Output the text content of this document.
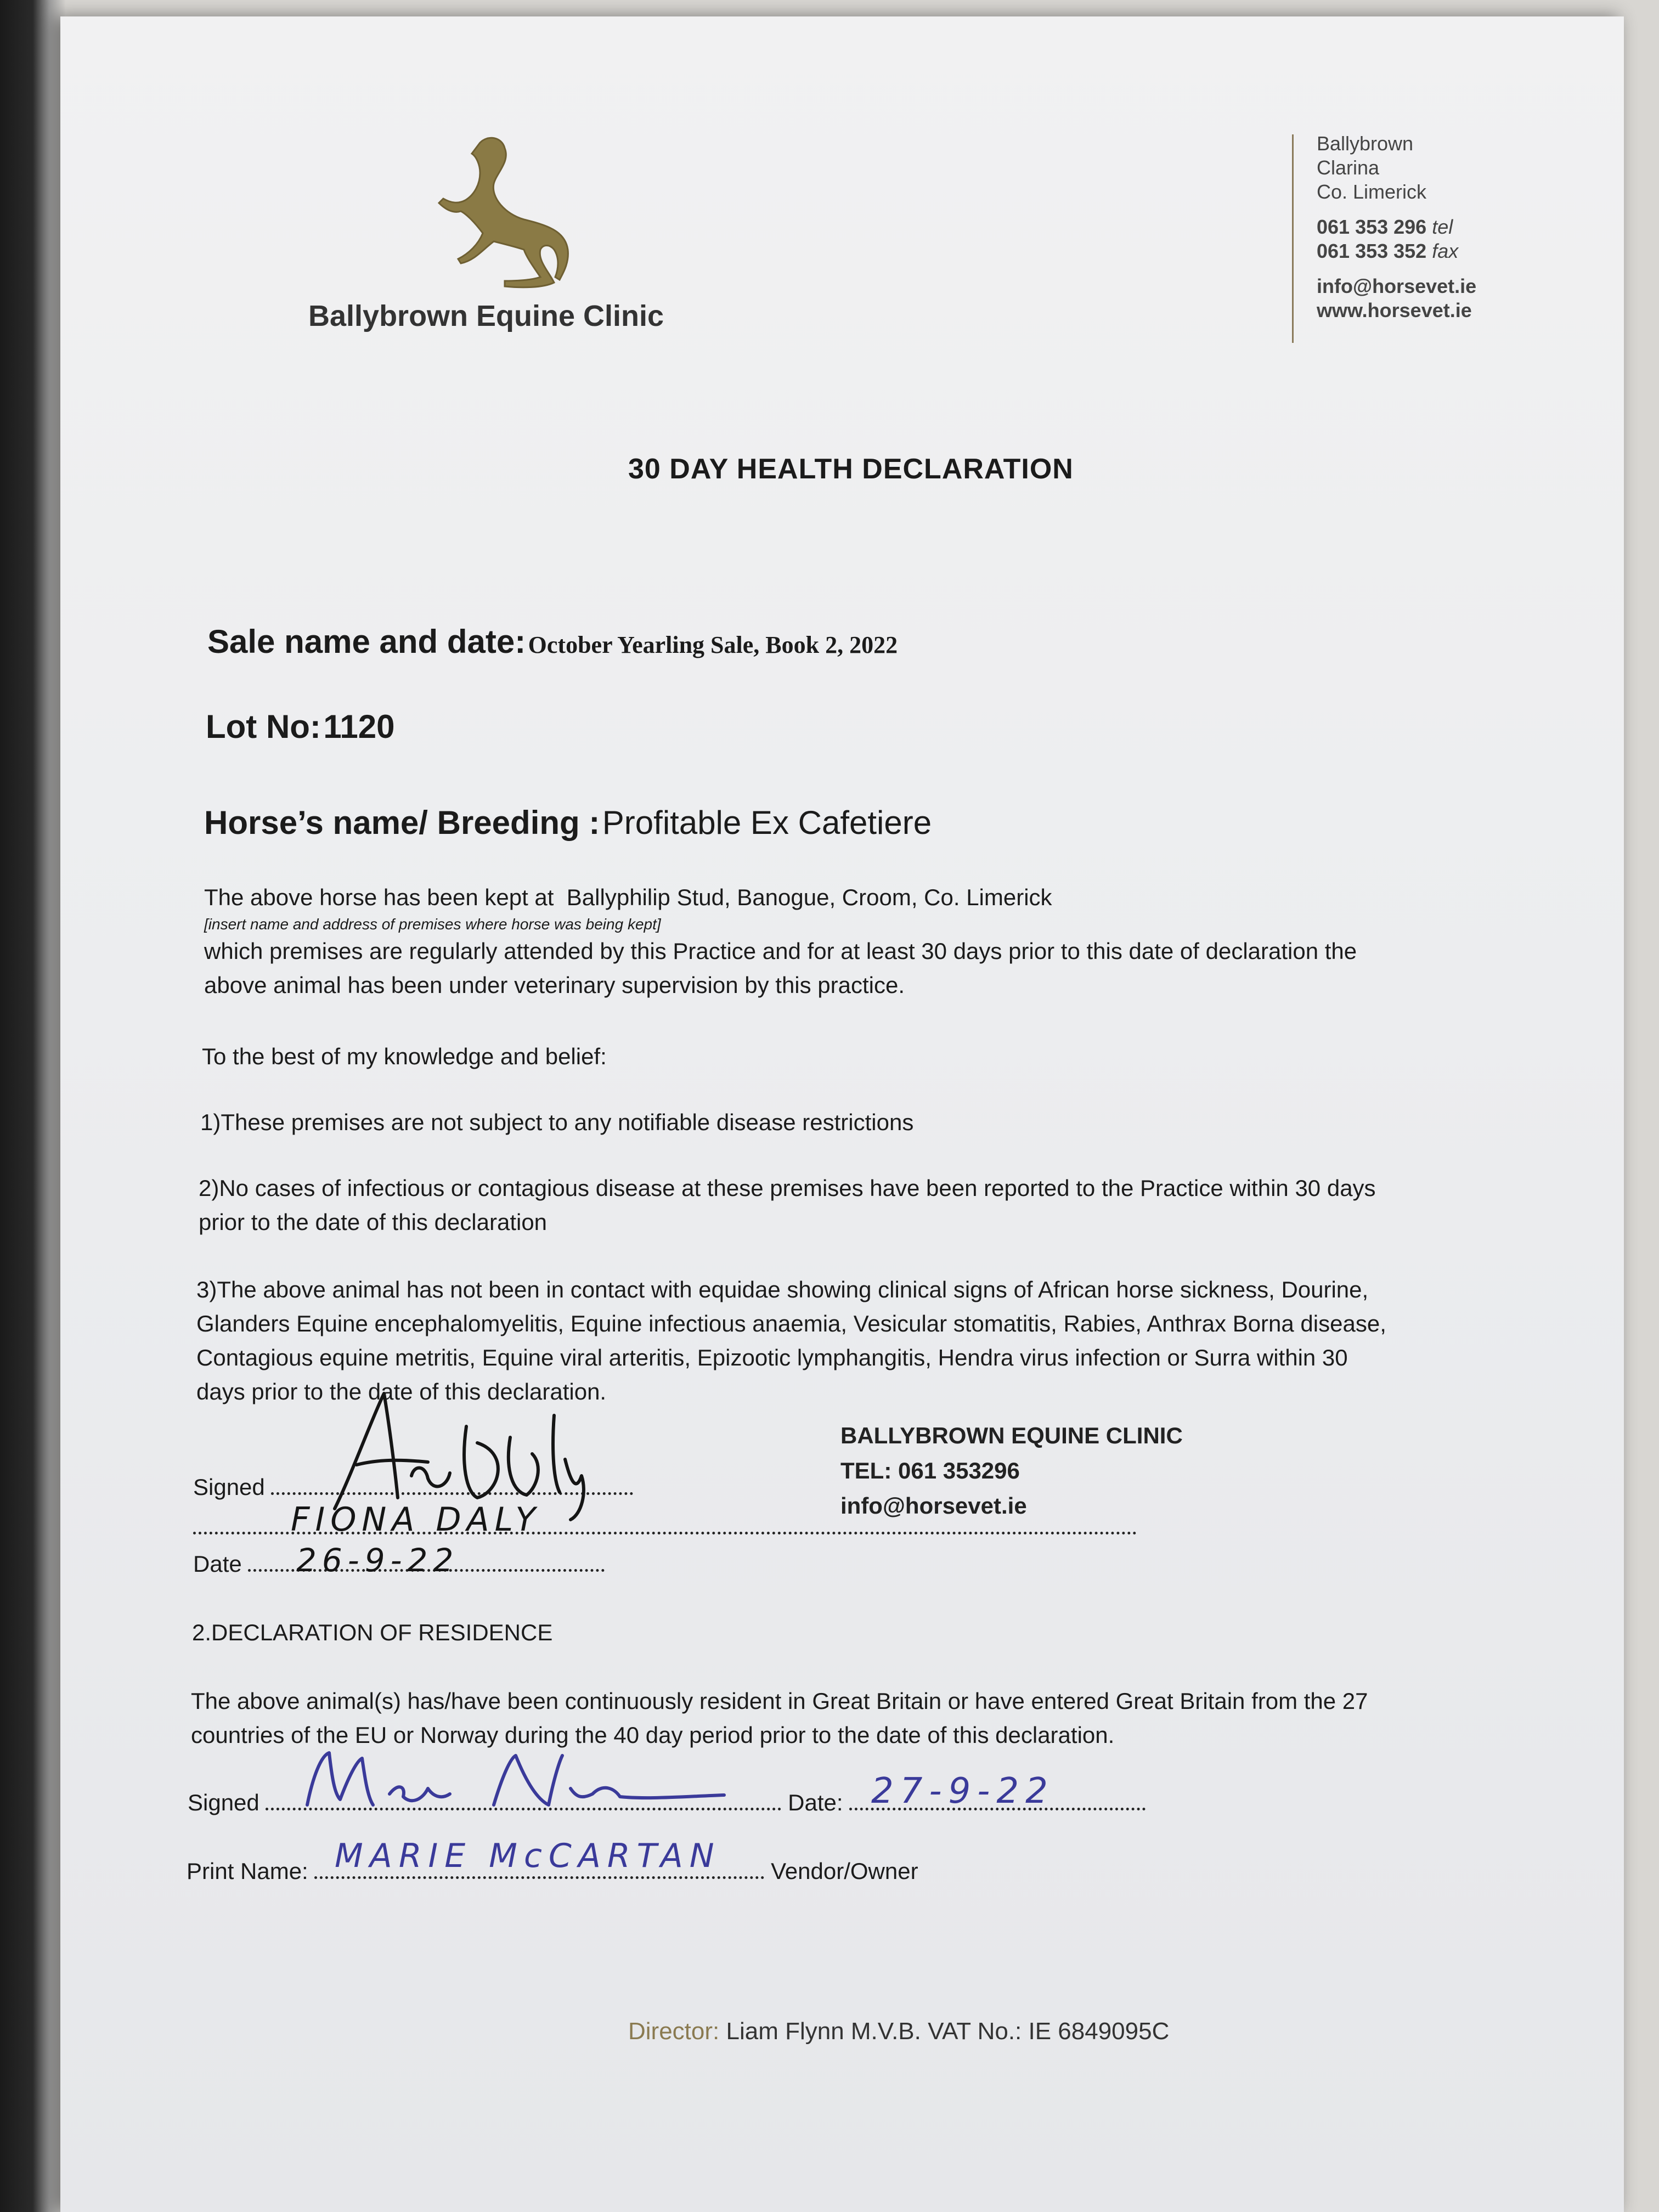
Ballybrown Equine Clinic
Ballybrown
Clarina
Co. Limerick
061 353 296 tel
061 353 352 fax
info@horsevet.ie
www.horsevet.ie
30 DAY HEALTH DECLARATION
Sale name and date: October Yearling Sale, Book 2, 2022
Lot No: 1120
Horse’s name/ Breeding : Profitable Ex Cafetiere
The above horse has been kept at Ballyphilip Stud, Banogue, Croom, Co. Limerick
[insert name and address of premises where horse was being kept]
which premises are regularly attended by this Practice and for at least 30 days prior to this date of declaration the
above animal has been under veterinary supervision by this practice.
To the best of my knowledge and belief:
1)These premises are not subject to any notifiable disease restrictions
2)No cases of infectious or contagious disease at these premises have been reported to the Practice within 30 days
prior to the date of this declaration
3)The above animal has not been in contact with equidae showing clinical signs of African horse sickness, Dourine,
Glanders Equine encephalomyelitis, Equine infectious anaemia, Vesicular stomatitis, Rabies, Anthrax Borna disease,
Contagious equine metritis, Equine viral arteritis, Epizootic lymphangitis, Hendra virus infection or Surra within 30
days prior to the date of this declaration.
Signed
FIONA DALY
Date	26-9-22
BALLYBROWN EQUINE CLINIC
TEL: 061 353296
info@horsevet.ie
2.DECLARATION OF RESIDENCE
The above animal(s) has/have been continuously resident in Great Britain or have entered Great Britain from the 27
countries of the EU or Norway during the 40 day period prior to the date of this declaration.
Signed	Date: 27-9-22
Print Name:	Vendor/Owner
MARIE McCARTAN
Director: Liam Flynn M.V.B. VAT No.: IE 6849095C
